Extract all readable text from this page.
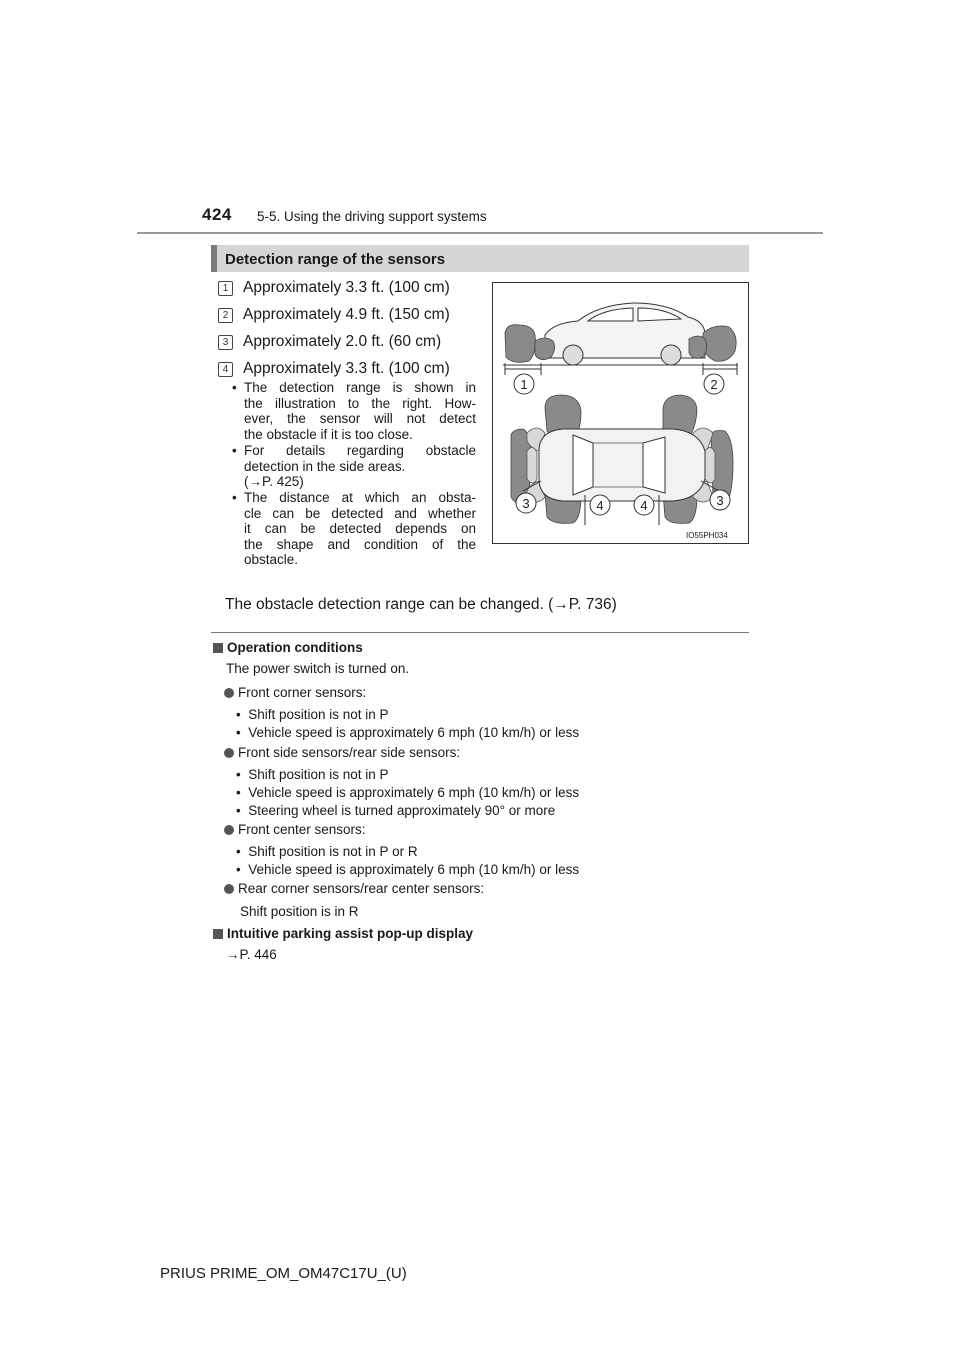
424 5-5. Using the driving support systems
Detection range of the sensors
1 Approximately 3.3 ft. (100 cm)
2 Approximately 4.9 ft. (150 cm)
3 Approximately 2.0 ft. (60 cm)
4 Approximately 3.3 ft. (100 cm)
• The detection range is shown in
the illustration to the right. How-
ever, the sensor will not detect
the obstacle if it is too close.
• For details regarding obstacle
detection in the side areas.
(→P. 425)
• The distance at which an obsta-
cle can be detected and whether
it can be detected depends on
the shape and condition of the
obstacle.
1	2
3	4	4	3
IO55PH034
The obstacle detection range can be changed. (→P. 736)
Operation conditions
The power switch is turned on.
Front corner sensors:
•  Shift position is not in P
•  Vehicle speed is approximately 6 mph (10 km/h) or less
Front side sensors/rear side sensors:
•  Shift position is not in P
•  Vehicle speed is approximately 6 mph (10 km/h) or less
•  Steering wheel is turned approximately 90° or more
Front center sensors:
•  Shift position is not in P or R
•  Vehicle speed is approximately 6 mph (10 km/h) or less
Rear corner sensors/rear center sensors:
Shift position is in R
Intuitive parking assist pop-up display
→P. 446
PRIUS PRIME_OM_OM47C17U_(U)
